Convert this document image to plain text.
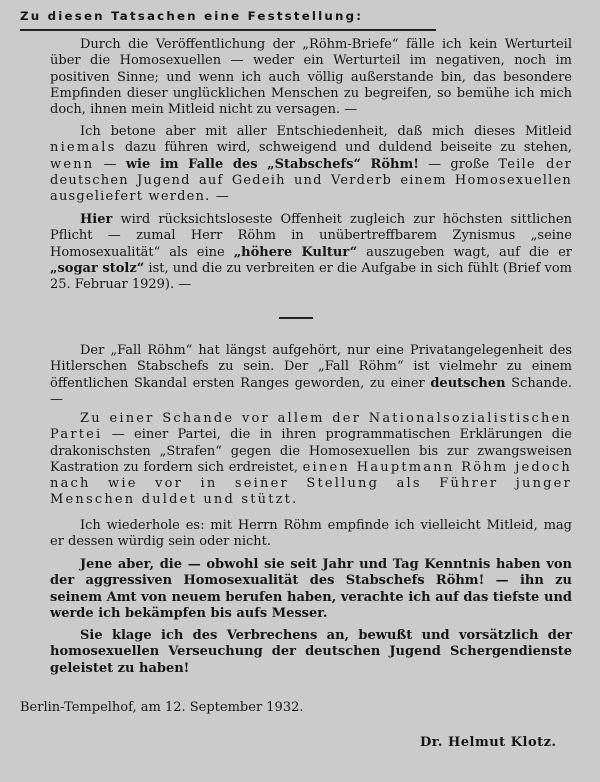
Zu diesen Tatsachen eine Feststellung:

Durch die Veröffentlichung der „Röhm-Briefe“ fälle ich kein Werturteil über die Homosexuellen — weder ein Werturteil im negativen, noch im positiven Sinne; und wenn ich auch völlig außerstande bin, das besondere Empfinden dieser unglücklichen Menschen zu begreifen, so bemühe ich mich doch, ihnen mein Mitleid nicht zu versagen. —

Ich betone aber mit aller Entschiedenheit, daß mich dieses Mitleid niemals dazu führen wird, schweigend und duldend beiseite zu stehen, wenn — wie im Falle des „Stabschefs“ Röhm! — große Teile der deutschen Jugend auf Gedeih und Verderb einem Homosexuellen ausgeliefert werden. —

Hier wird rücksichtsloseste Offenheit zugleich zur höchsten sittlichen Pflicht — zumal Herr Röhm in unübertreffbarem Zynismus „seine Homosexualität“ als eine „höhere Kultur“ auszugeben wagt, auf die er „sogar stolz“ ist, und die zu verbreiten er die Aufgabe in sich fühlt (Brief vom 25. Februar 1929). —

Der „Fall Röhm“ hat längst aufgehört, nur eine Privatangelegenheit des Hitlerschen Stabschefs zu sein. Der „Fall Röhm“ ist vielmehr zu einem öffentlichen Skandal ersten Ranges geworden, zu einer deutschen Schande. —

Zu einer Schande vor allem der Nationalsozialistischen Partei — einer Partei, die in ihren programmatischen Erklärungen die drakonischsten „Strafen“ gegen die Homosexuellen bis zur zwangsweisen Kastration zu fordern sich erdreistet, einen Hauptmann Röhm jedoch nach wie vor in seiner Stellung als Führer junger Menschen duldet und stützt.

Ich wiederhole es: mit Herrn Röhm empfinde ich vielleicht Mitleid, mag er dessen würdig sein oder nicht.

Jene aber, die — obwohl sie seit Jahr und Tag Kenntnis haben von der aggressiven Homosexualität des Stabschefs Röhm! — ihn zu seinem Amt von neuem berufen haben, verachte ich auf das tiefste und werde ich bekämpfen bis aufs Messer.

Sie klage ich des Verbrechens an, bewußt und vorsätzlich der homosexuellen Verseuchung der deutschen Jugend Schergendienste geleistet zu haben!

Berlin-Tempelhof, am 12. September 1932.
Dr. Helmut Klotz.
